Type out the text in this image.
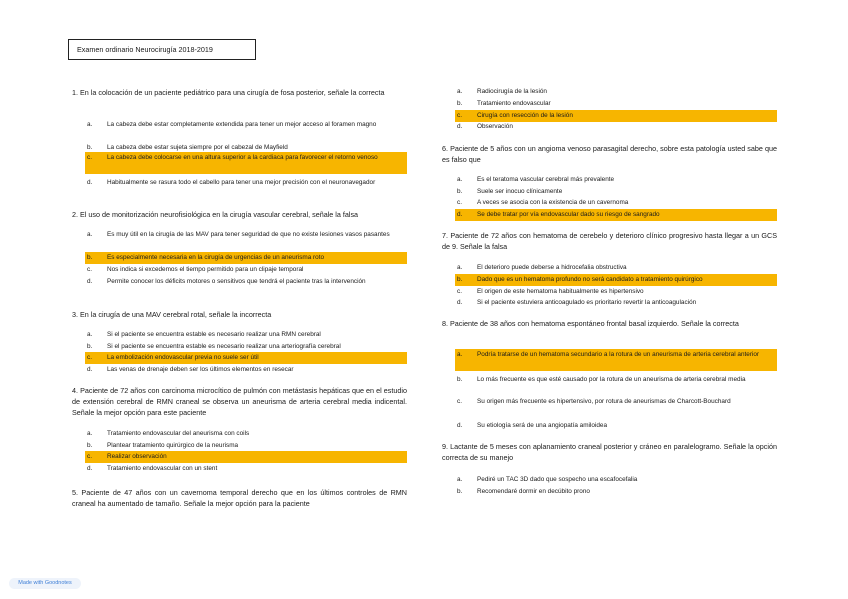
Examen ordinario Neurocirugía 2018-2019
1. En la colocación de un paciente pediátrico para una cirugía de fosa posterior, señale la correcta
a.	La cabeza debe estar completamente extendida para tener un mejor acceso al foramen magno
b.	La cabeza debe estar sujeta siempre por el cabezal de Mayfield
c.	La cabeza debe colocarse en una altura superior a la cardiaca para favorecer el retorno venoso
d.	Habitualmente se rasura todo el cabello para tener una mejor precisión con el neuronavegador
2. El uso de monitorización neurofisiológica en la cirugía vascular cerebral, señale la falsa
a.	Es muy útil en la cirugía de las MAV para tener seguridad de que no existe lesiones vasos pasantes
b.	Es especialmente necesaria en la cirugía de urgencias de un aneurisma roto
c.	Nos indica si excedemos el tiempo permitido para un clipaje temporal
d.	Permite conocer los déficits motores o sensitivos que tendrá el paciente tras la intervención
3. En la cirugía de una MAV cerebral rotal, señale la incorrecta
a.	Si el paciente se encuentra estable es necesario realizar una RMN cerebral
b.	Si el paciente se encuentra estable es necesario realizar una arteriografía cerebral
c.	La embolización endovascular previa no suele ser útil
d.	Las venas de drenaje deben ser los últimos elementos en resecar
4. Paciente de 72 años con carcinoma microcítico de pulmón con metástasis hepáticas que en el estudio de extensión cerebral de RMN craneal se observa un aneurisma de arteria cerebral media indicental. Señale la mejor opción para este paciente
a.	Tratamiento endovascular del aneurisma con coils
b.	Plantear tratamiento quirúrgico de la neurisma
c.	Realizar observación
d.	Tratamiento endovascular con un stent
5. Paciente de 47 años con un cavernoma temporal derecho que en los últimos controles de RMN craneal ha aumentado de tamaño. Señale la mejor opción para la paciente
a.	Radiocirugía de la lesión
b.	Tratamiento endovascular
c.	Cirugía con resección de la lesión
d.	Observación
6. Paciente de 5 años con un angioma venoso parasagital derecho, sobre esta patología usted sabe que es falso que
a.	Es el teratoma vascular cerebral más prevalente
b.	Suele ser inocuo clínicamente
c.	A veces se asocia con la existencia de un cavernoma
d.	Se debe tratar por vía endovascular dado su riesgo de sangrado
7. Paciente de 72 años con hematoma de cerebelo y deterioro clínico progresivo hasta llegar a un GCS de 9. Señale la falsa
a.	El deterioro puede deberse a hidrocefalia obstructiva
b.	Dado que es un hematoma profundo no será candidato a tratamiento quirúrgico
c.	El origen de este hematoma habitualmente es hipertensivo
d.	Si el paciente estuviera anticoagulado es prioritario revertir la anticoagulación
8. Paciente de 38 años con hematoma espontáneo frontal basal izquierdo. Señale la correcta
a.	Podría tratarse de un hematoma secundario a la rotura de un aneurisma de arteria cerebral anterior
b.	Lo más frecuente es que esté causado por la rotura de un aneurisma de arteria cerebral media
c.	Su origen más frecuente es hipertensivo, por rotura de aneurismas de Charcott-Bouchard
d.	Su etiología será de una angiopatía amiloidea
9. Lactante de 5 meses con aplanamiento craneal posterior y cráneo en paralelogramo. Señale la opción correcta de su manejo
a.	Pediré un TAC 3D dado que sospecho una escafocefalia
b.	Recomendaré dormir en decúbito prono
Made with Goodnotes
